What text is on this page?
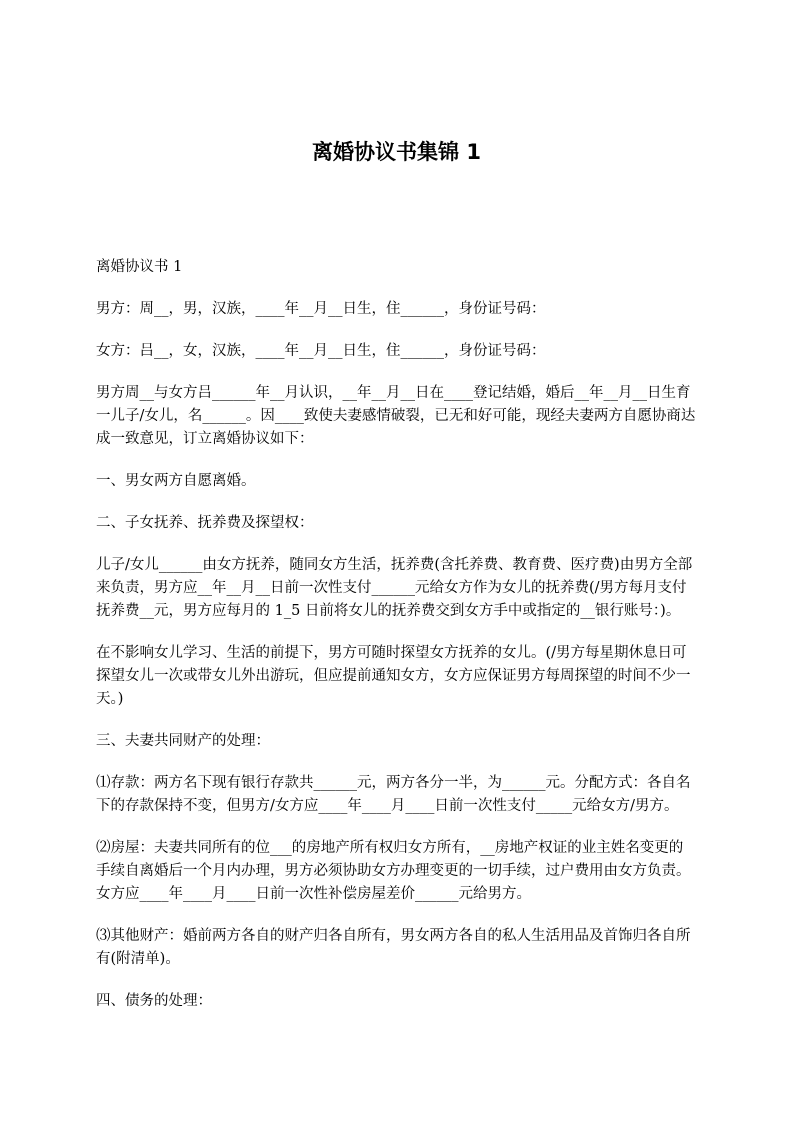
离婚协议书集锦 1

离婚协议书 1

男方：周__，男，汉族，____年__月__日生，住______，身份证号码：

女方：吕__，女，汉族，____年__月__日生，住______，身份证号码：

男方周__与女方吕______年__月认识，__年__月__日在____登记结婚，婚后__年__月__日生育一儿子/女儿，名______。因____致使夫妻感情破裂，已无和好可能，现经夫妻两方自愿协商达成一致意见，订立离婚协议如下：

一、男女两方自愿离婚。

二、子女抚养、抚养费及探望权：

儿子/女儿______由女方抚养，随同女方生活，抚养费(含托养费、教育费、医疗费)由男方全部来负责，男方应__年__月__日前一次性支付______元给女方作为女儿的抚养费(/男方每月支付抚养费__元，男方应每月的 1_5 日前将女儿的抚养费交到女方手中或指定的__银行账号：)。

在不影响女儿学习、生活的前提下，男方可随时探望女方抚养的女儿。(/男方每星期休息日可探望女儿一次或带女儿外出游玩，但应提前通知女方，女方应保证男方每周探望的时间不少一天。)

三、夫妻共同财产的处理：

⑴存款：两方名下现有银行存款共______元，两方各分一半，为______元。分配方式：各自名下的存款保持不变，但男方/女方应____年____月____日前一次性支付_____元给女方/男方。

⑵房屋：夫妻共同所有的位___的房地产所有权归女方所有，__房地产权证的业主姓名变更的手续自离婚后一个月内办理，男方必须协助女方办理变更的一切手续，过户费用由女方负责。女方应____年____月____日前一次性补偿房屋差价______元给男方。

⑶其他财产：婚前两方各自的财产归各自所有，男女两方各自的私人生活用品及首饰归各自所有(附清单)。

四、债务的处理：
